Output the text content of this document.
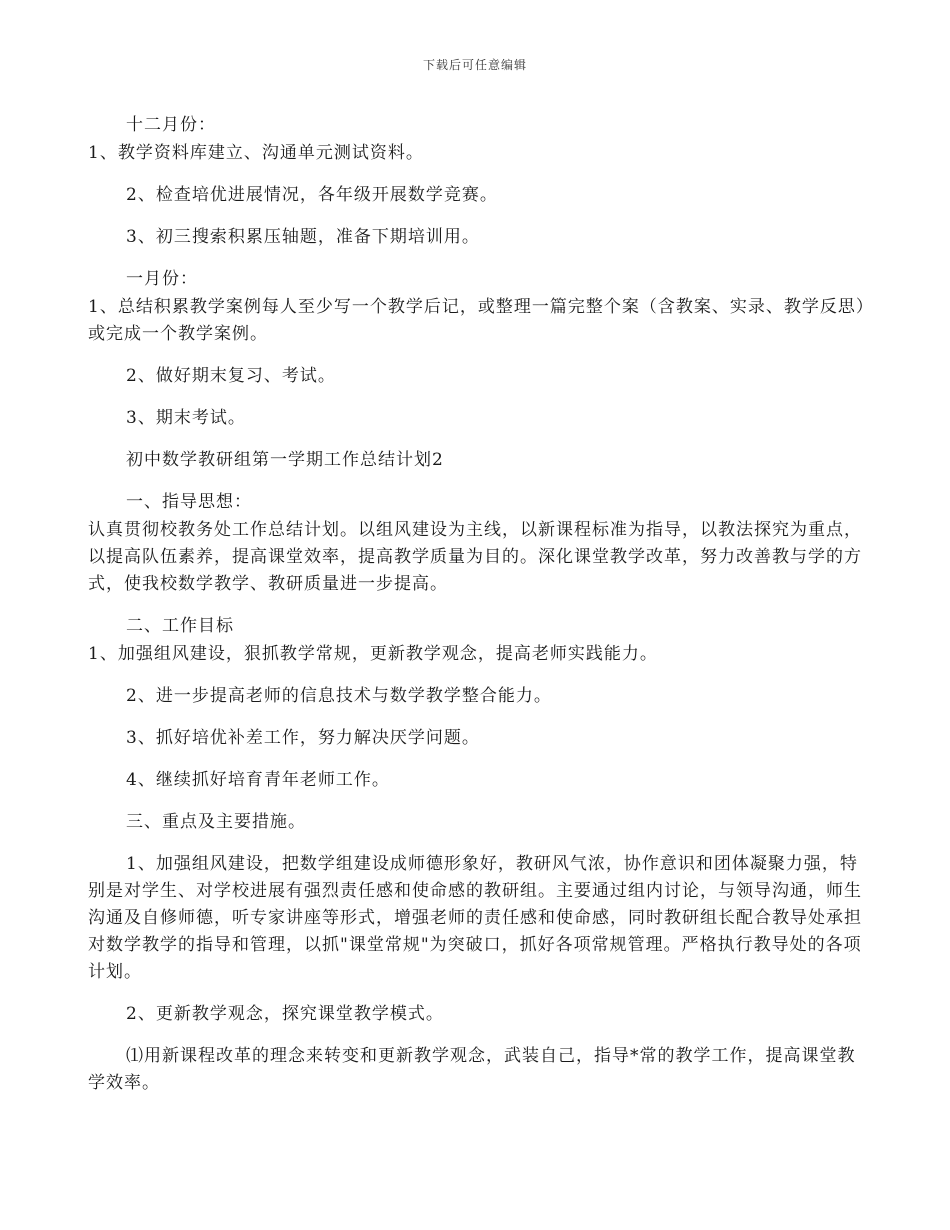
下载后可任意编辑

十二月份：

1、教学资料库建立、沟通单元测试资料。

2、检查培优进展情况，各年级开展数学竞赛。

3、初三搜索积累压轴题，准备下期培训用。

一月份：

1、总结积累教学案例每人至少写一个教学后记，或整理一篇完整个案（含教案、实录、教学反思）或完成一个教学案例。

2、做好期末复习、考试。

3、期末考试。

初中数学教研组第一学期工作总结计划2

一、指导思想：

认真贯彻校教务处工作总结计划。以组风建设为主线，以新课程标准为指导，以教法探究为重点，以提高队伍素养，提高课堂效率，提高教学质量为目的。深化课堂教学改革，努力改善教与学的方式，使我校数学教学、教研质量进一步提高。

二、工作目标

1、加强组风建设，狠抓教学常规，更新教学观念，提高老师实践能力。

2、进一步提高老师的信息技术与数学教学整合能力。

3、抓好培优补差工作，努力解决厌学问题。

4、继续抓好培育青年老师工作。

三、重点及主要措施。

1、加强组风建设，把数学组建设成师德形象好，教研风气浓，协作意识和团体凝聚力强，特别是对学生、对学校进展有强烈责任感和使命感的教研组。主要通过组内讨论，与领导沟通，师生沟通及自修师德，听专家讲座等形式，增强老师的责任感和使命感，同时教研组长配合教导处承担对数学教学的指导和管理，以抓"课堂常规"为突破口，抓好各项常规管理。严格执行教导处的各项计划。

2、更新教学观念，探究课堂教学模式。

⑴用新课程改革的理念来转变和更新教学观念，武装自己，指导*常的教学工作，提高课堂教学效率。
